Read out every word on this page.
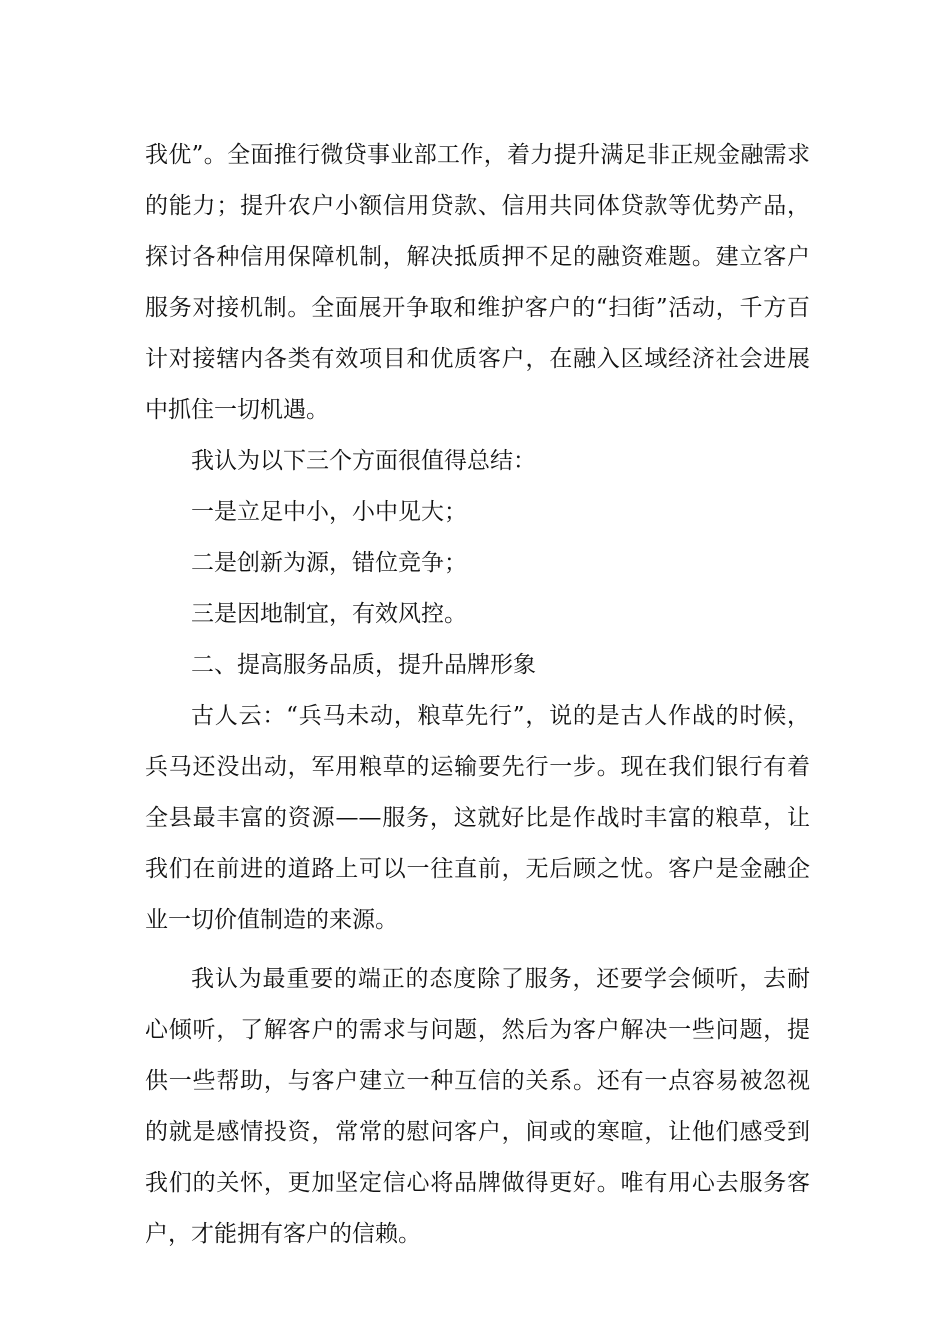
我优”。全面推行微贷事业部工作，着力提升满足非正规金融需求的能力；提升农户小额信用贷款、信用共同体贷款等优势产品，探讨各种信用保障机制，解决抵质押不足的融资难题。建立客户服务对接机制。全面展开争取和维护客户的“扫街”活动，千方百计对接辖内各类有效项目和优质客户，在融入区域经济社会进展中抓住一切机遇。

我认为以下三个方面很值得总结：

一是立足中小，小中见大；

二是创新为源，错位竞争；

三是因地制宜，有效风控。

二、提高服务品质，提升品牌形象

古人云：“兵马未动，粮草先行”，说的是古人作战的时候，兵马还没出动，军用粮草的运输要先行一步。现在我们银行有着全县最丰富的资源——服务，这就好比是作战时丰富的粮草，让我们在前进的道路上可以一往直前，无后顾之忧。客户是金融企业一切价值制造的来源。

我认为最重要的端正的态度除了服务，还要学会倾听，去耐心倾听，了解客户的需求与问题，然后为客户解决一些问题，提供一些帮助，与客户建立一种互信的关系。还有一点容易被忽视的就是感情投资，常常的慰问客户，间或的寒暄，让他们感受到我们的关怀，更加坚定信心将品牌做得更好。唯有用心去服务客户，才能拥有客户的信赖。
